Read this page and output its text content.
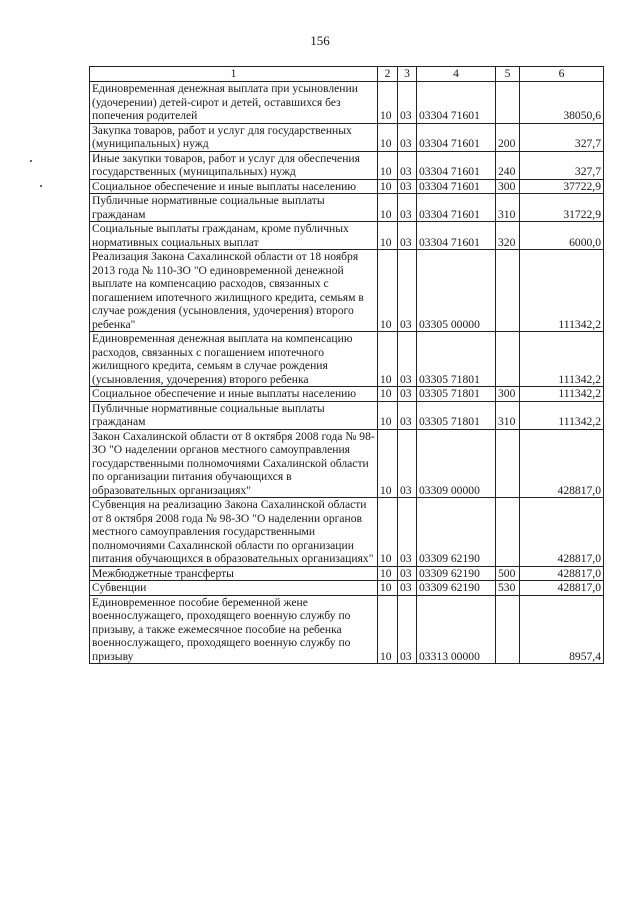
156
1	2	3	4	5	6
Единовременная денежная выплата при усыновлении (удочерении) детей-сирот и детей, оставшихся без попечения родителей	10	03	03304 71601		38050,6
Закупка товаров, работ и услуг для государственных (муниципальных) нужд	10	03	03304 71601	200	327,7
Иные закупки товаров, работ и услуг для обеспечения государственных (муниципальных) нужд	10	03	03304 71601	240	327,7
Социальное обеспечение и иные выплаты населению	10	03	03304 71601	300	37722,9
Публичные нормативные социальные выплаты гражданам	10	03	03304 71601	310	31722,9
Социальные выплаты гражданам, кроме публичных нормативных социальных выплат	10	03	03304 71601	320	6000,0
Реализация Закона Сахалинской области от 18 ноября 2013 года № 110-ЗО "О единовременной денежной выплате на компенсацию расходов, связанных с погашением ипотечного жилищного кредита, семьям в случае рождения (усыновления, удочерения) второго ребенка"	10	03	03305 00000		111342,2
Единовременная денежная выплата на компенсацию расходов, связанных с погашением ипотечного жилищного кредита, семьям в случае рождения (усыновления, удочерения) второго ребенка	10	03	03305 71801		111342,2
Социальное обеспечение и иные выплаты населению	10	03	03305 71801	300	111342,2
Публичные нормативные социальные выплаты гражданам	10	03	03305 71801	310	111342,2
Закон Сахалинской области от 8 октября 2008 года № 98-ЗО "О наделении органов местного самоуправления государственными полномочиями Сахалинской области по организации питания обучающихся в образовательных организациях"	10	03	03309 00000		428817,0
Субвенция на реализацию Закона Сахалинской области от 8 октября 2008 года № 98-ЗО "О наделении органов местного самоуправления государственными полномочиями Сахалинской области по организации питания обучающихся в образовательных организациях"	10	03	03309 62190		428817,0
Межбюджетные трансферты	10	03	03309 62190	500	428817,0
Субвенции	10	03	03309 62190	530	428817,0
Единовременное пособие беременной жене военнослужащего, проходящего военную службу по призыву, а также ежемесячное пособие на ребенка военнослужащего, проходящего военную службу по призыву	10	03	03313 00000		8957,4
